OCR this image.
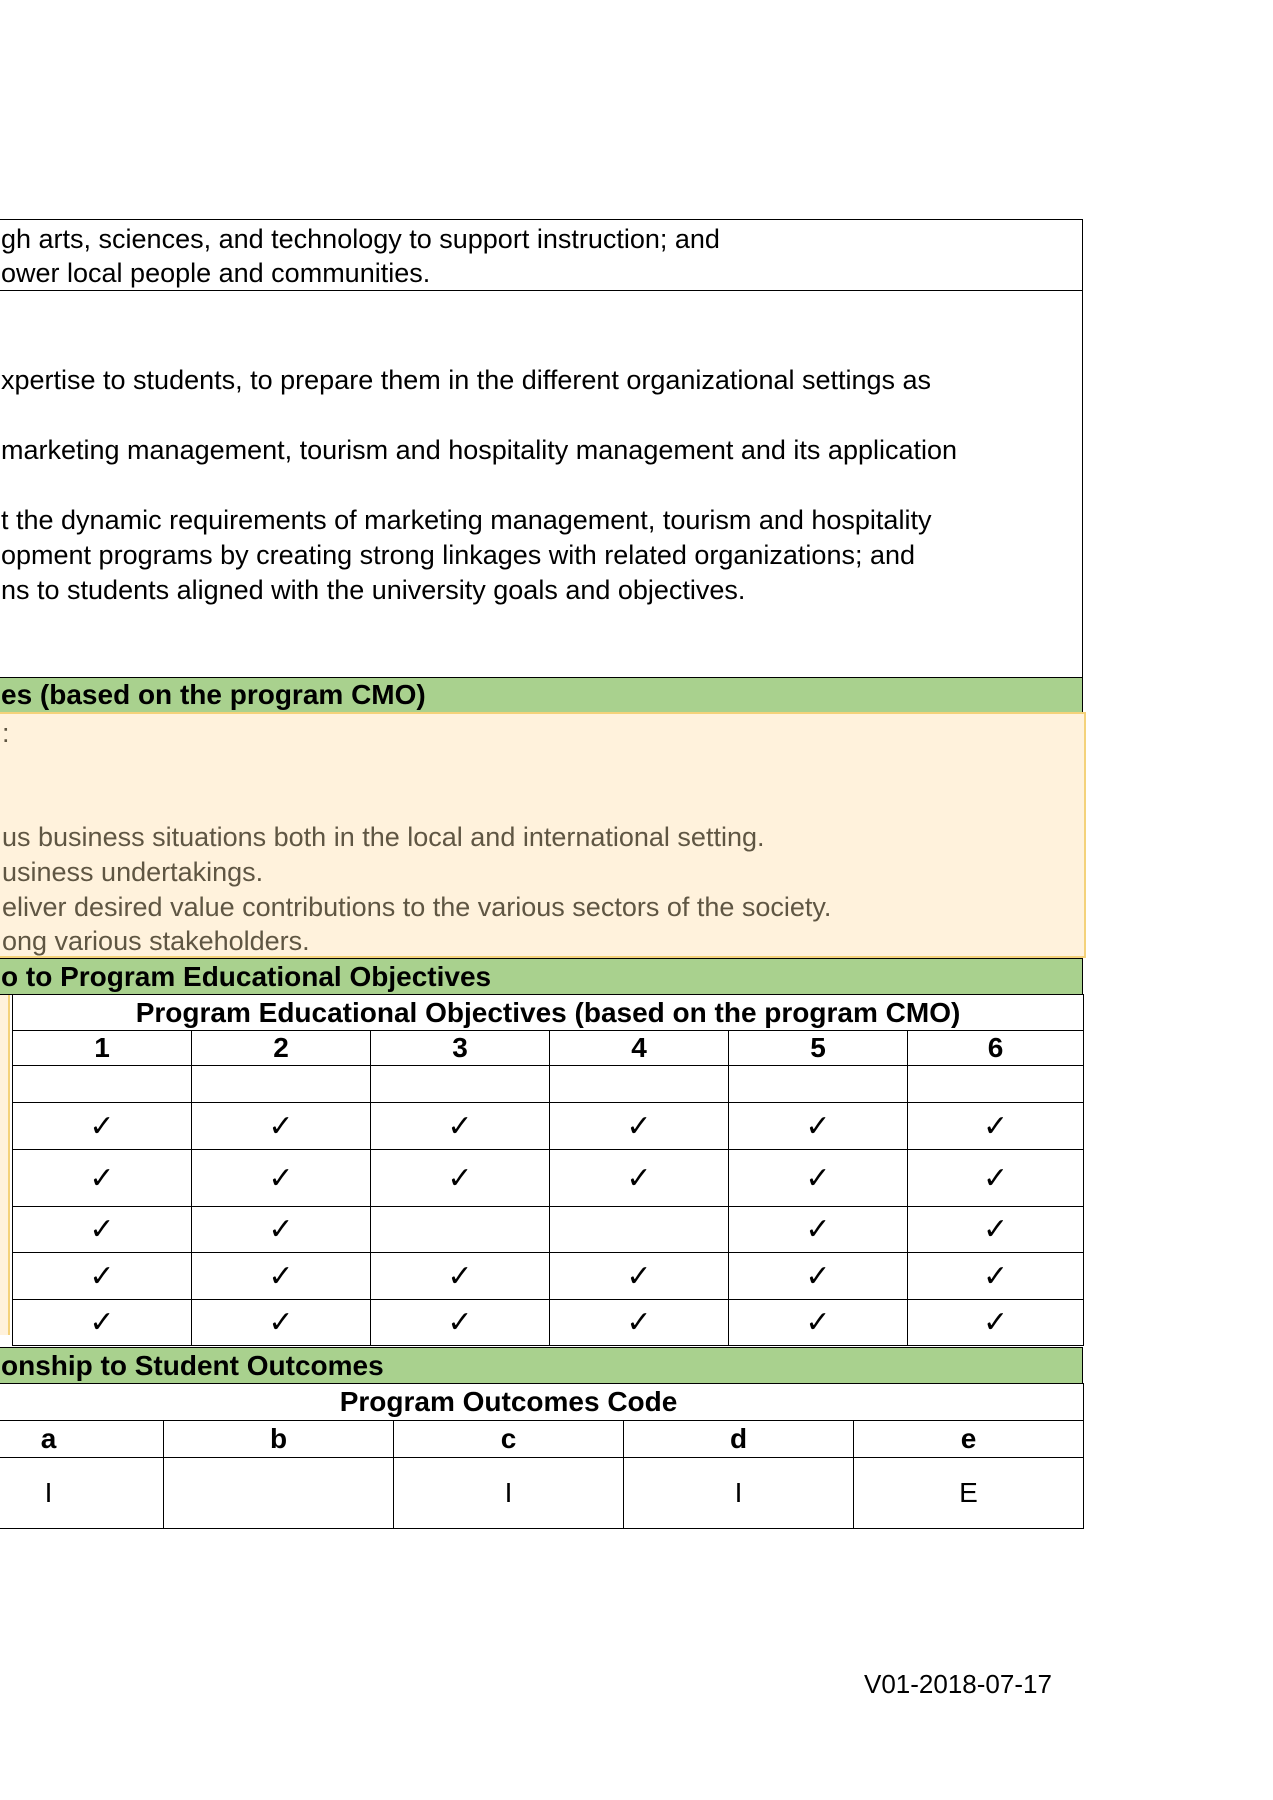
gh arts, sciences, and technology to support instruction; and
ower local people and communities.
xpertise to students, to prepare them in the different organizational settings as
marketing management, tourism and hospitality management and its application
t the dynamic requirements of marketing management, tourism and hospitality
opment programs by creating strong linkages with related organizations; and
ns to students aligned with the university goals and objectives.
es (based on the program CMO)
:
us business situations both in the local and international setting.
usiness undertakings.
eliver desired value contributions to the various sectors of the society.
ong various stakeholders.
o to Program Educational Objectives
Program Educational Objectives (based on the program CMO)					
1	2	3	4	5	6

✓	✓	✓	✓	✓	✓
✓	✓	✓	✓	✓	✓
✓	✓			✓	✓
✓	✓	✓	✓	✓	✓
✓	✓	✓	✓	✓	✓
onship to Student Outcomes
Program Outcomes Code				
a	b	c	d	e
I		I	I	E
V01-2018-07-17
